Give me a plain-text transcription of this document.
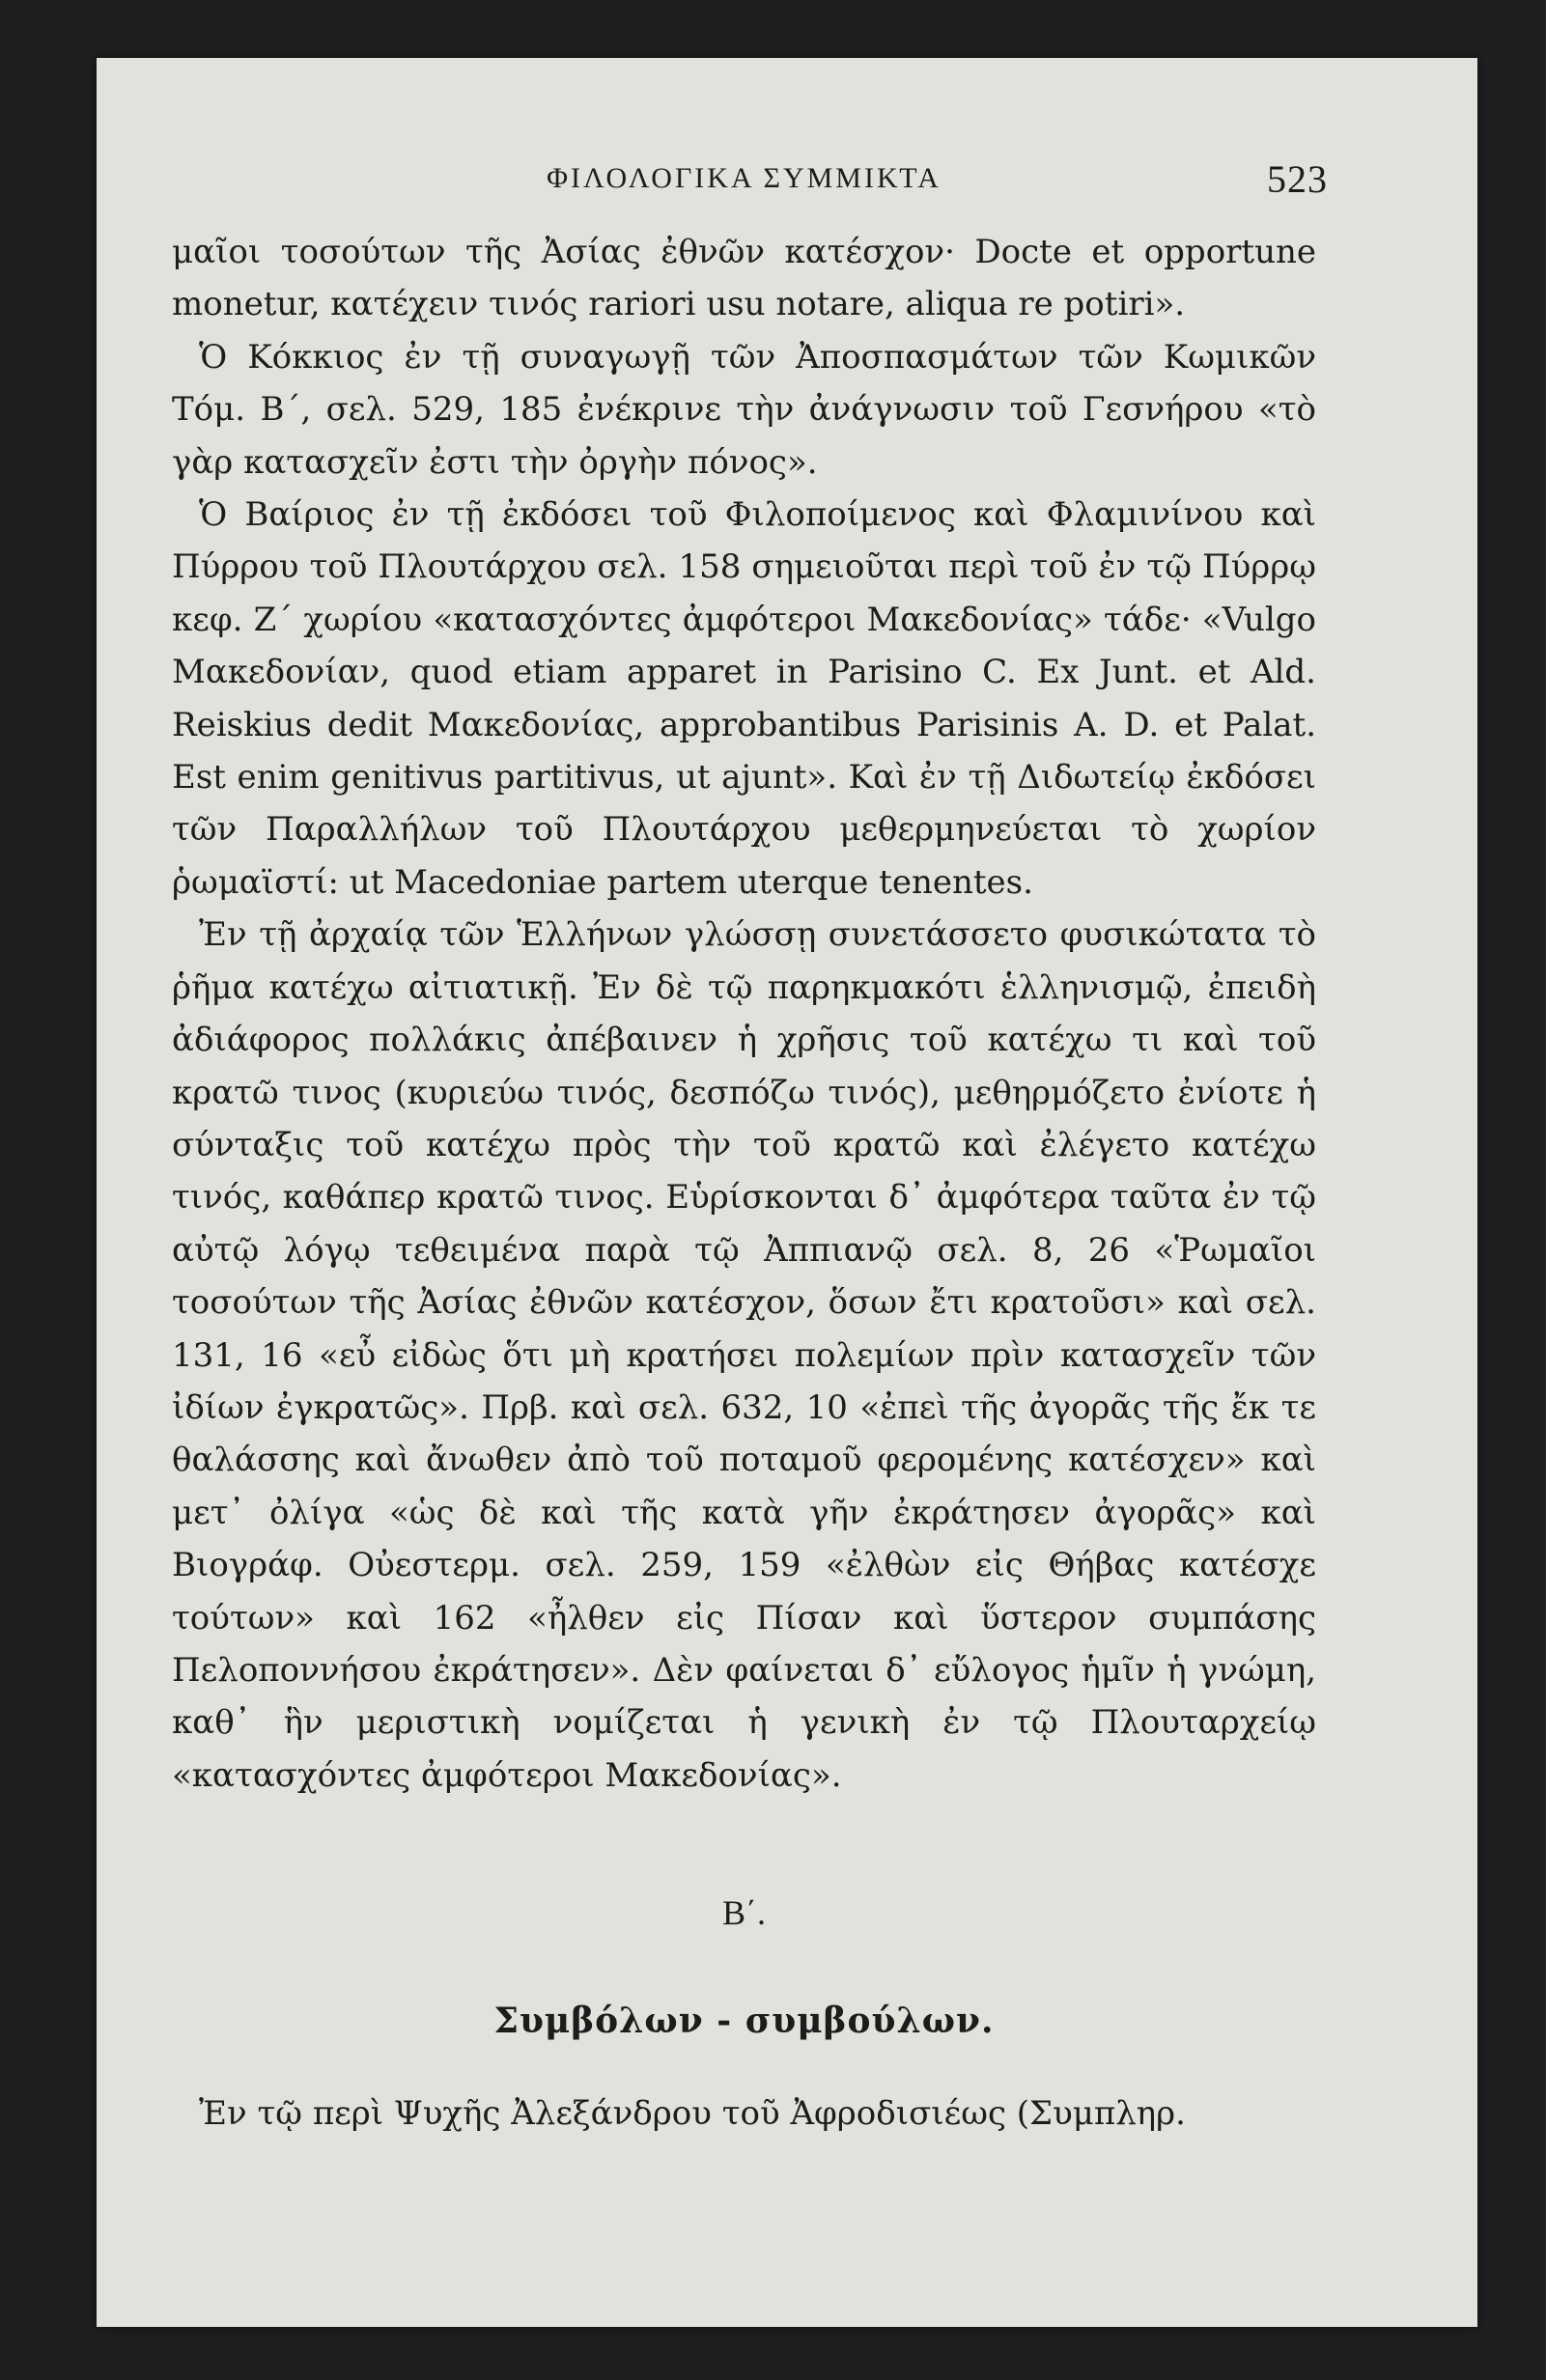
ΦΙΛΟΛΟΓΙΚΑ ΣΥΜΜΙΚΤΑ	523

μαῖοι τοσούτων τῆς Ἀσίας ἐθνῶν κατέσχον· Docte et opportune monetur, κατέχειν τινός rariori usu notare, aliqua re potiri».

Ὁ Κόκκιος ἐν τῇ συναγωγῇ τῶν Ἀποσπασμάτων τῶν Κωμικῶν Τόμ. Β΄, σελ. 529, 185 ἐνέκρινε τὴν ἀνάγνωσιν τοῦ Γεσνήρου «τὸ γὰρ κατασχεῖν ἐστι τὴν ὀργὴν πόνος».

Ὁ Βαίριος ἐν τῇ ἐκδόσει τοῦ Φιλοποίμενος καὶ Φλαμινίνου καὶ Πύρρου τοῦ Πλουτάρχου σελ. 158 σημειοῦται περὶ τοῦ ἐν τῷ Πύρρῳ κεφ. Ζ΄ χωρίου «κατασχόντες ἀμφότεροι Μακεδονίας» τάδε· «Vulgo Μακεδονίαν, quod etiam apparet in Parisino C. Ex Junt. et Ald. Reiskius dedit Μακεδονίας, approbantibus Parisinis A. D. et Palat. Est enim genitivus partitivus, ut ajunt». Καὶ ἐν τῇ Διδωτείῳ ἐκδόσει τῶν Παραλλήλων τοῦ Πλουτάρχου μεθερμηνεύεται τὸ χωρίον ῥωμαϊστί: ut Macedoniae partem uterque tenentes.

Ἐν τῇ ἀρχαίᾳ τῶν Ἑλλήνων γλώσσῃ συνετάσσετο φυσικώτατα τὸ ῥῆμα κατέχω αἰτιατικῇ. Ἐν δὲ τῷ παρηκμακότι ἑλληνισμῷ, ἐπειδὴ ἀδιάφορος πολλάκις ἀπέβαινεν ἡ χρῆσις τοῦ κατέχω τι καὶ τοῦ κρατῶ τινος (κυριεύω τινός, δεσπόζω τινός), μεθηρμόζετο ἐνίοτε ἡ σύνταξις τοῦ κατέχω πρὸς τὴν τοῦ κρατῶ καὶ ἐλέγετο κατέχω τινός, καθάπερ κρατῶ τινος. Εὑρίσκονται δ᾽ ἀμφότερα ταῦτα ἐν τῷ αὐτῷ λόγῳ τεθειμένα παρὰ τῷ Ἀππιανῷ σελ. 8, 26 «Ῥωμαῖοι τοσούτων τῆς Ἀσίας ἐθνῶν κατέσχον, ὅσων ἔτι κρατοῦσι» καὶ σελ. 131, 16 «εὖ εἰδὼς ὅτι μὴ κρατήσει πολεμίων πρὶν κατασχεῖν τῶν ἰδίων ἐγκρατῶς». Πρβ. καὶ σελ. 632, 10 «ἐπεὶ τῆς ἀγορᾶς τῆς ἔκ τε θαλάσσης καὶ ἄνωθεν ἀπὸ τοῦ ποταμοῦ φερομένης κατέσχεν» καὶ μετ᾽ ὀλίγα «ὡς δὲ καὶ τῆς κατὰ γῆν ἐκράτησεν ἀγορᾶς» καὶ Βιογράφ. Οὐεστερμ. σελ. 259, 159 «ἐλθὼν εἰς Θήβας κατέσχε τούτων» καὶ 162 «ἦλθεν εἰς Πίσαν καὶ ὕστερον συμπάσης Πελοποννήσου ἐκράτησεν». Δὲν φαίνεται δ᾽ εὔλογος ἡμῖν ἡ γνώμη, καθ᾽ ἣν μεριστικὴ νομίζεται ἡ γενικὴ ἐν τῷ Πλουταρχείῳ «κατασχόντες ἀμφότεροι Μακεδονίας».

Β΄.
Συμβόλων - συμβούλων.

Ἐν τῷ περὶ Ψυχῆς Ἀλεξάνδρου τοῦ Ἀφροδισιέως (Συμπληρ.
